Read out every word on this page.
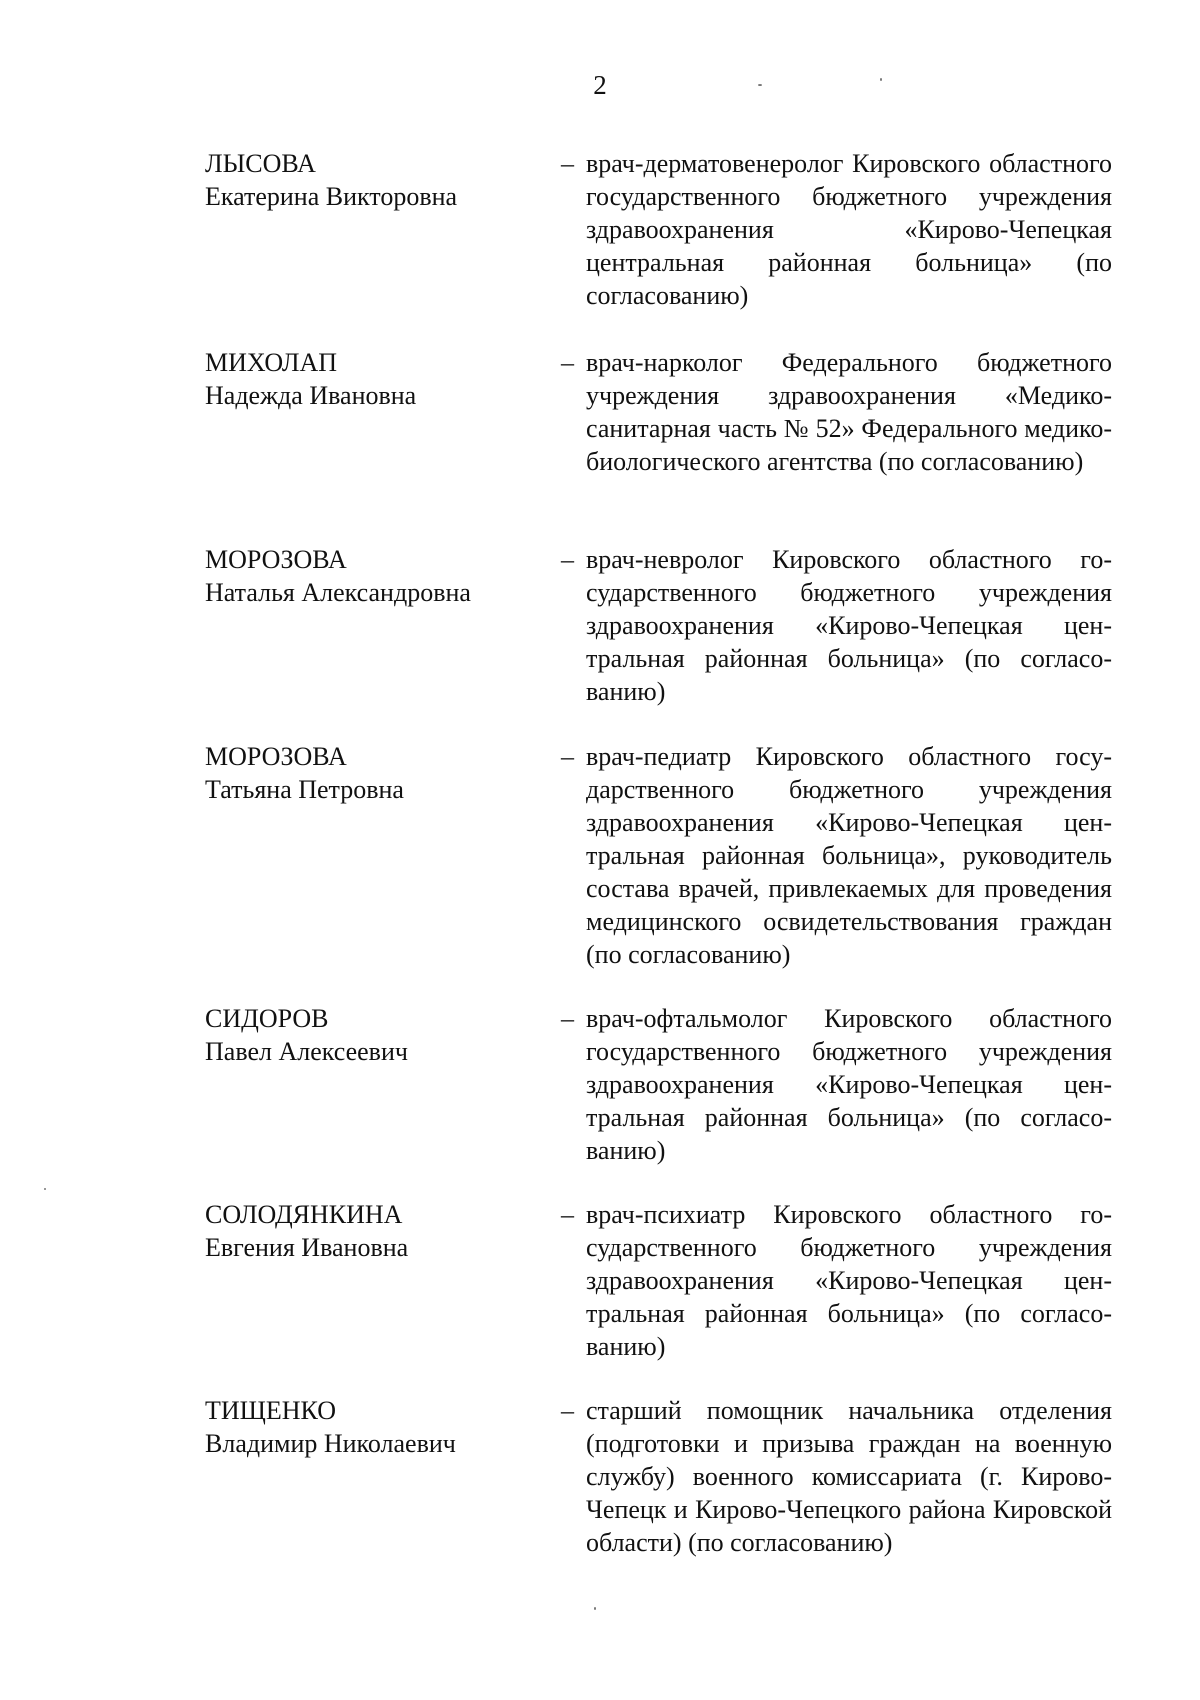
2
ЛЫСОВА
Екатерина Викторовна
– врач-дерматовенеролог Кировского областного государственного бюджетного учреждения здравоохранения «Кирово-Чепецкая центральная районная больница» (по согласованию)

МИХОЛАП
Надежда Ивановна
– врач-нарколог Федерального бюджетного учреждения здравоохранения «Медико-санитарная часть № 52» Федерального медико-биологического агентства (по согласованию)

МОРОЗОВА
Наталья Александровна
– врач-невролог Кировского областного государственного бюджетного учреждения здравоохранения «Кирово-Чепецкая центральная районная больница» (по согласованию)

МОРОЗОВА
Татьяна Петровна
– врач-педиатр Кировского областного государственного бюджетного учреждения здравоохранения «Кирово-Чепецкая центральная районная больница», руководитель состава врачей, привлекаемых для проведения медицинского освидетельствования граждан (по согласованию)

СИДОРОВ
Павел Алексеевич
– врач-офтальмолог Кировского областного государственного бюджетного учреждения здравоохранения «Кирово-Чепецкая центральная районная больница» (по согласованию)

СОЛОДЯНКИНА
Евгения Ивановна
– врач-психиатр Кировского областного государственного бюджетного учреждения здравоохранения «Кирово-Чепецкая центральная районная больница» (по согласованию)

ТИЩЕНКО
Владимир Николаевич
– старший помощник начальника отделения (подготовки и призыва граждан на военную службу) военного комиссариата (г. Кирово-Чепецк и Кирово-Чепецкого района Кировской области) (по согласованию)
